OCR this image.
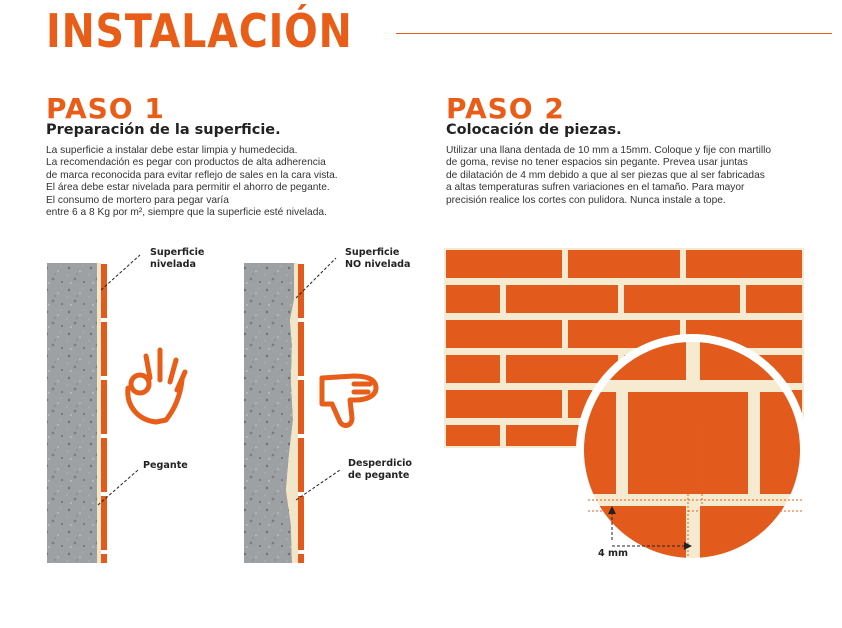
INSTALACIÓN
PASO 1
Preparación de la superficie.
La superficie a instalar debe estar limpia y humedecida.
La recomendación es pegar con productos de alta adherencia
de marca reconocida para evitar reflejo de sales en la cara vista.
El área debe estar nivelada para permitir el ahorro de pegante.
El consumo de mortero para pegar varía
entre 6 a 8 Kg por m², siempre que la superficie esté nivelada.
PASO 2
Colocación de piezas.
Utilizar una llana dentada de 10 mm a 15mm. Coloque y fije con martillo
de goma, revise no tener espacios sin pegante. Prevea usar juntas
de dilatación de 4 mm debido a que al ser piezas que al ser fabricadas
a altas temperaturas sufren variaciones en el tamaño. Para mayor
precisión realice los cortes con pulidora. Nunca instale a tope.
Superficie
nivelada
Pegante
Superficie
NO nivelada
Desperdicio
de pegante
4 mm
